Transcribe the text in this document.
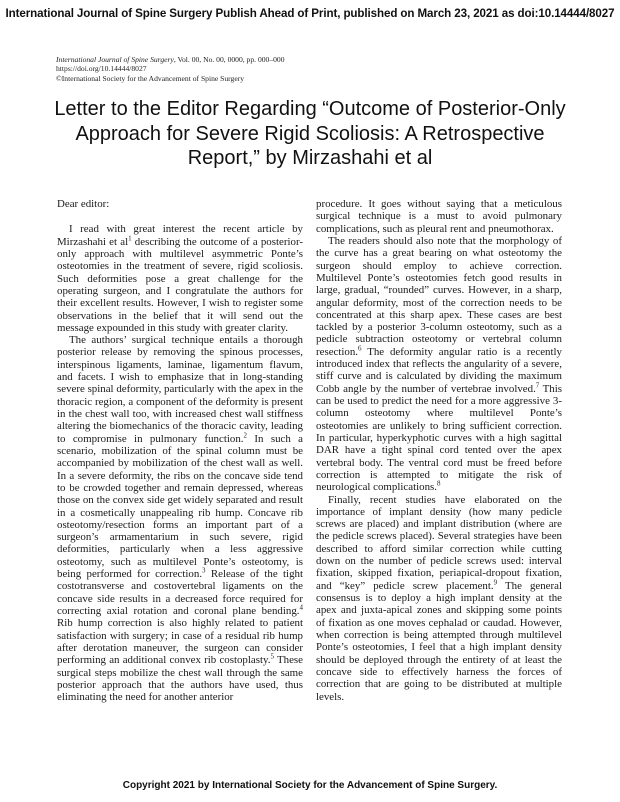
International Journal of Spine Surgery Publish Ahead of Print, published on March 23, 2021 as doi:10.14444/8027
International Journal of Spine Surgery, Vol. 00, No. 00, 0000, pp. 000–000
https://doi.org/10.14444/8027
©International Society for the Advancement of Spine Surgery
Letter to the Editor Regarding “Outcome of Posterior-Only
Approach for Severe Rigid Scoliosis: A Retrospective
Report,” by Mirzashahi et al

Dear editor:

I read with great interest the recent article by Mirzashahi et $al^1$ describing the outcome of a posterior-only approach with multilevel asymmetric Ponte’s osteotomies in the treatment of severe, rigid scoliosis. Such deformities pose a great challenge for the operating surgeon, and I congratulate the authors for their excellent results. However, I wish to register some observations in the belief that it will send out the message expounded in this study with greater clarity.

The authors’ surgical technique entails a thorough posterior release by removing the spinous processes, interspinous ligaments, laminae, ligamentum flavum, and facets. I wish to emphasize that in long-standing severe spinal deformity, particularly with the apex in the thoracic region, a component of the deformity is present in the chest wall too, with increased chest wall stiffness altering the biomechanics of the thoracic cavity, leading to compromise in pulmonary function.$^2$ In such a scenario, mobilization of the spinal column must be accompanied by mobilization of the chest wall as well. In a severe deformity, the ribs on the concave side tend to be crowded together and remain depressed, whereas those on the convex side get widely separated and result in a cosmetically unappealing rib hump. Concave rib osteotomy/resection forms an important part of a surgeon’s armamentarium in such severe, rigid deformities, particularly when a less aggressive osteotomy, such as multilevel Ponte’s osteotomy, is being performed for correction.$^3$ Release of the tight costotransverse and costovertebral ligaments on the concave side results in a decreased force required for correcting axial rotation and coronal plane bending.$^4$ Rib hump correction is also highly related to patient satisfaction with surgery; in case of a residual rib hump after derotation maneuver, the surgeon can consider performing an additional convex rib costoplasty.$^5$ These surgical steps mobilize the chest wall through the same posterior approach that the authors have used, thus eliminating the need for another anterior

procedure. It goes without saying that a meticulous surgical technique is a must to avoid pulmonary complications, such as pleural rent and pneumothorax.

The readers should also note that the morphology of the curve has a great bearing on what osteotomy the surgeon should employ to achieve correction. Multilevel Ponte’s osteotomies fetch good results in large, gradual, “rounded” curves. However, in a sharp, angular deformity, most of the correction needs to be concentrated at this sharp apex. These cases are best tackled by a posterior 3-column osteotomy, such as a pedicle subtraction osteotomy or vertebral column resection.$^6$ The deformity angular ratio is a recently introduced index that reflects the angularity of a severe, stiff curve and is calculated by dividing the maximum Cobb angle by the number of vertebrae involved.$^7$ This can be used to predict the need for a more aggressive 3-column osteotomy where multilevel Ponte’s osteotomies are unlikely to bring sufficient correction. In particular, hyperkyphotic curves with a high sagittal DAR have a tight spinal cord tented over the apex vertebral body. The ventral cord must be freed before correction is attempted to mitigate the risk of neurological complications.$^8$

Finally, recent studies have elaborated on the importance of implant density (how many pedicle screws are placed) and implant distribution (where are the pedicle screws placed). Several strategies have been described to afford similar correction while cutting down on the number of pedicle screws used: interval fixation, skipped fixation, periapical-dropout fixation, and “key” pedicle screw placement.$^9$ The general consensus is to deploy a high implant density at the apex and juxta-apical zones and skipping some points of fixation as one moves cephalad or caudad. However, when correction is being attempted through multilevel Ponte’s osteotomies, I feel that a high implant density should be deployed through the entirety of at least the concave side to effectively harness the forces of correction that are going to be distributed at multiple levels.

Copyright 2021 by International Society for the Advancement of Spine Surgery.
